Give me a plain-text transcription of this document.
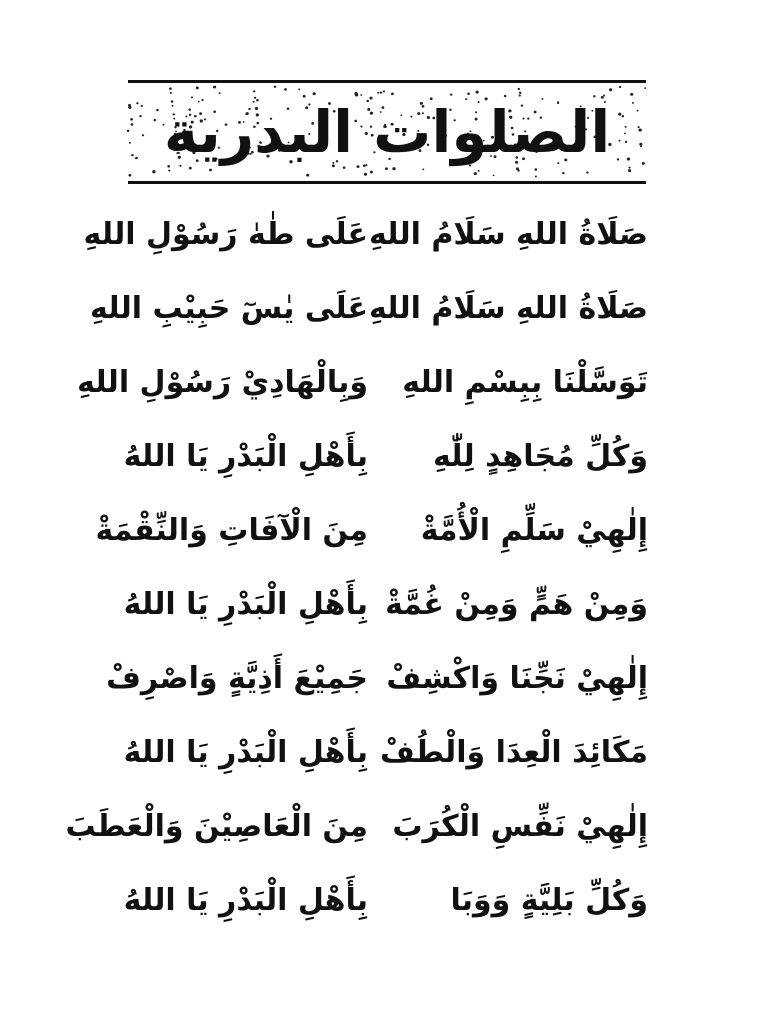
الصلوات البدرية
صَلَاةُ اللهِ سَلَامُ اللهِ
عَلَى طٰهٰ رَسُوْلِ اللهِ
صَلَاةُ اللهِ سَلَامُ اللهِ
عَلَى يٰسٓ حَبِيْبِ اللهِ
تَوَسَّلْنَا بِبِسْمِ اللهِ
وَبِالْهَادِيْ رَسُوْلِ اللهِ
وَكُلِّ مُجَاهِدٍ لِلّٰهِ
بِأَهْلِ الْبَدْرِ يَا اللهُ
إِلٰهِيْ سَلِّمِ الْأُمَّةْ
مِنَ الْآفَاتِ وَالنِّقْمَةْ
وَمِنْ هَمٍّ وَمِنْ غُمَّةْ
بِأَهْلِ الْبَدْرِ يَا اللهُ
إِلٰهِيْ نَجِّنَا وَاكْشِفْ
جَمِيْعَ أَذِيَّةٍ وَاصْرِفْ
مَكَائِدَ الْعِدَا وَالْطُفْ
بِأَهْلِ الْبَدْرِ يَا اللهُ
إِلٰهِيْ نَفِّسِ الْكُرَبَ
مِنَ الْعَاصِيْنَ وَالْعَطَبَ
وَكُلِّ بَلِيَّةٍ وَوَبَا
بِأَهْلِ الْبَدْرِ يَا اللهُ
